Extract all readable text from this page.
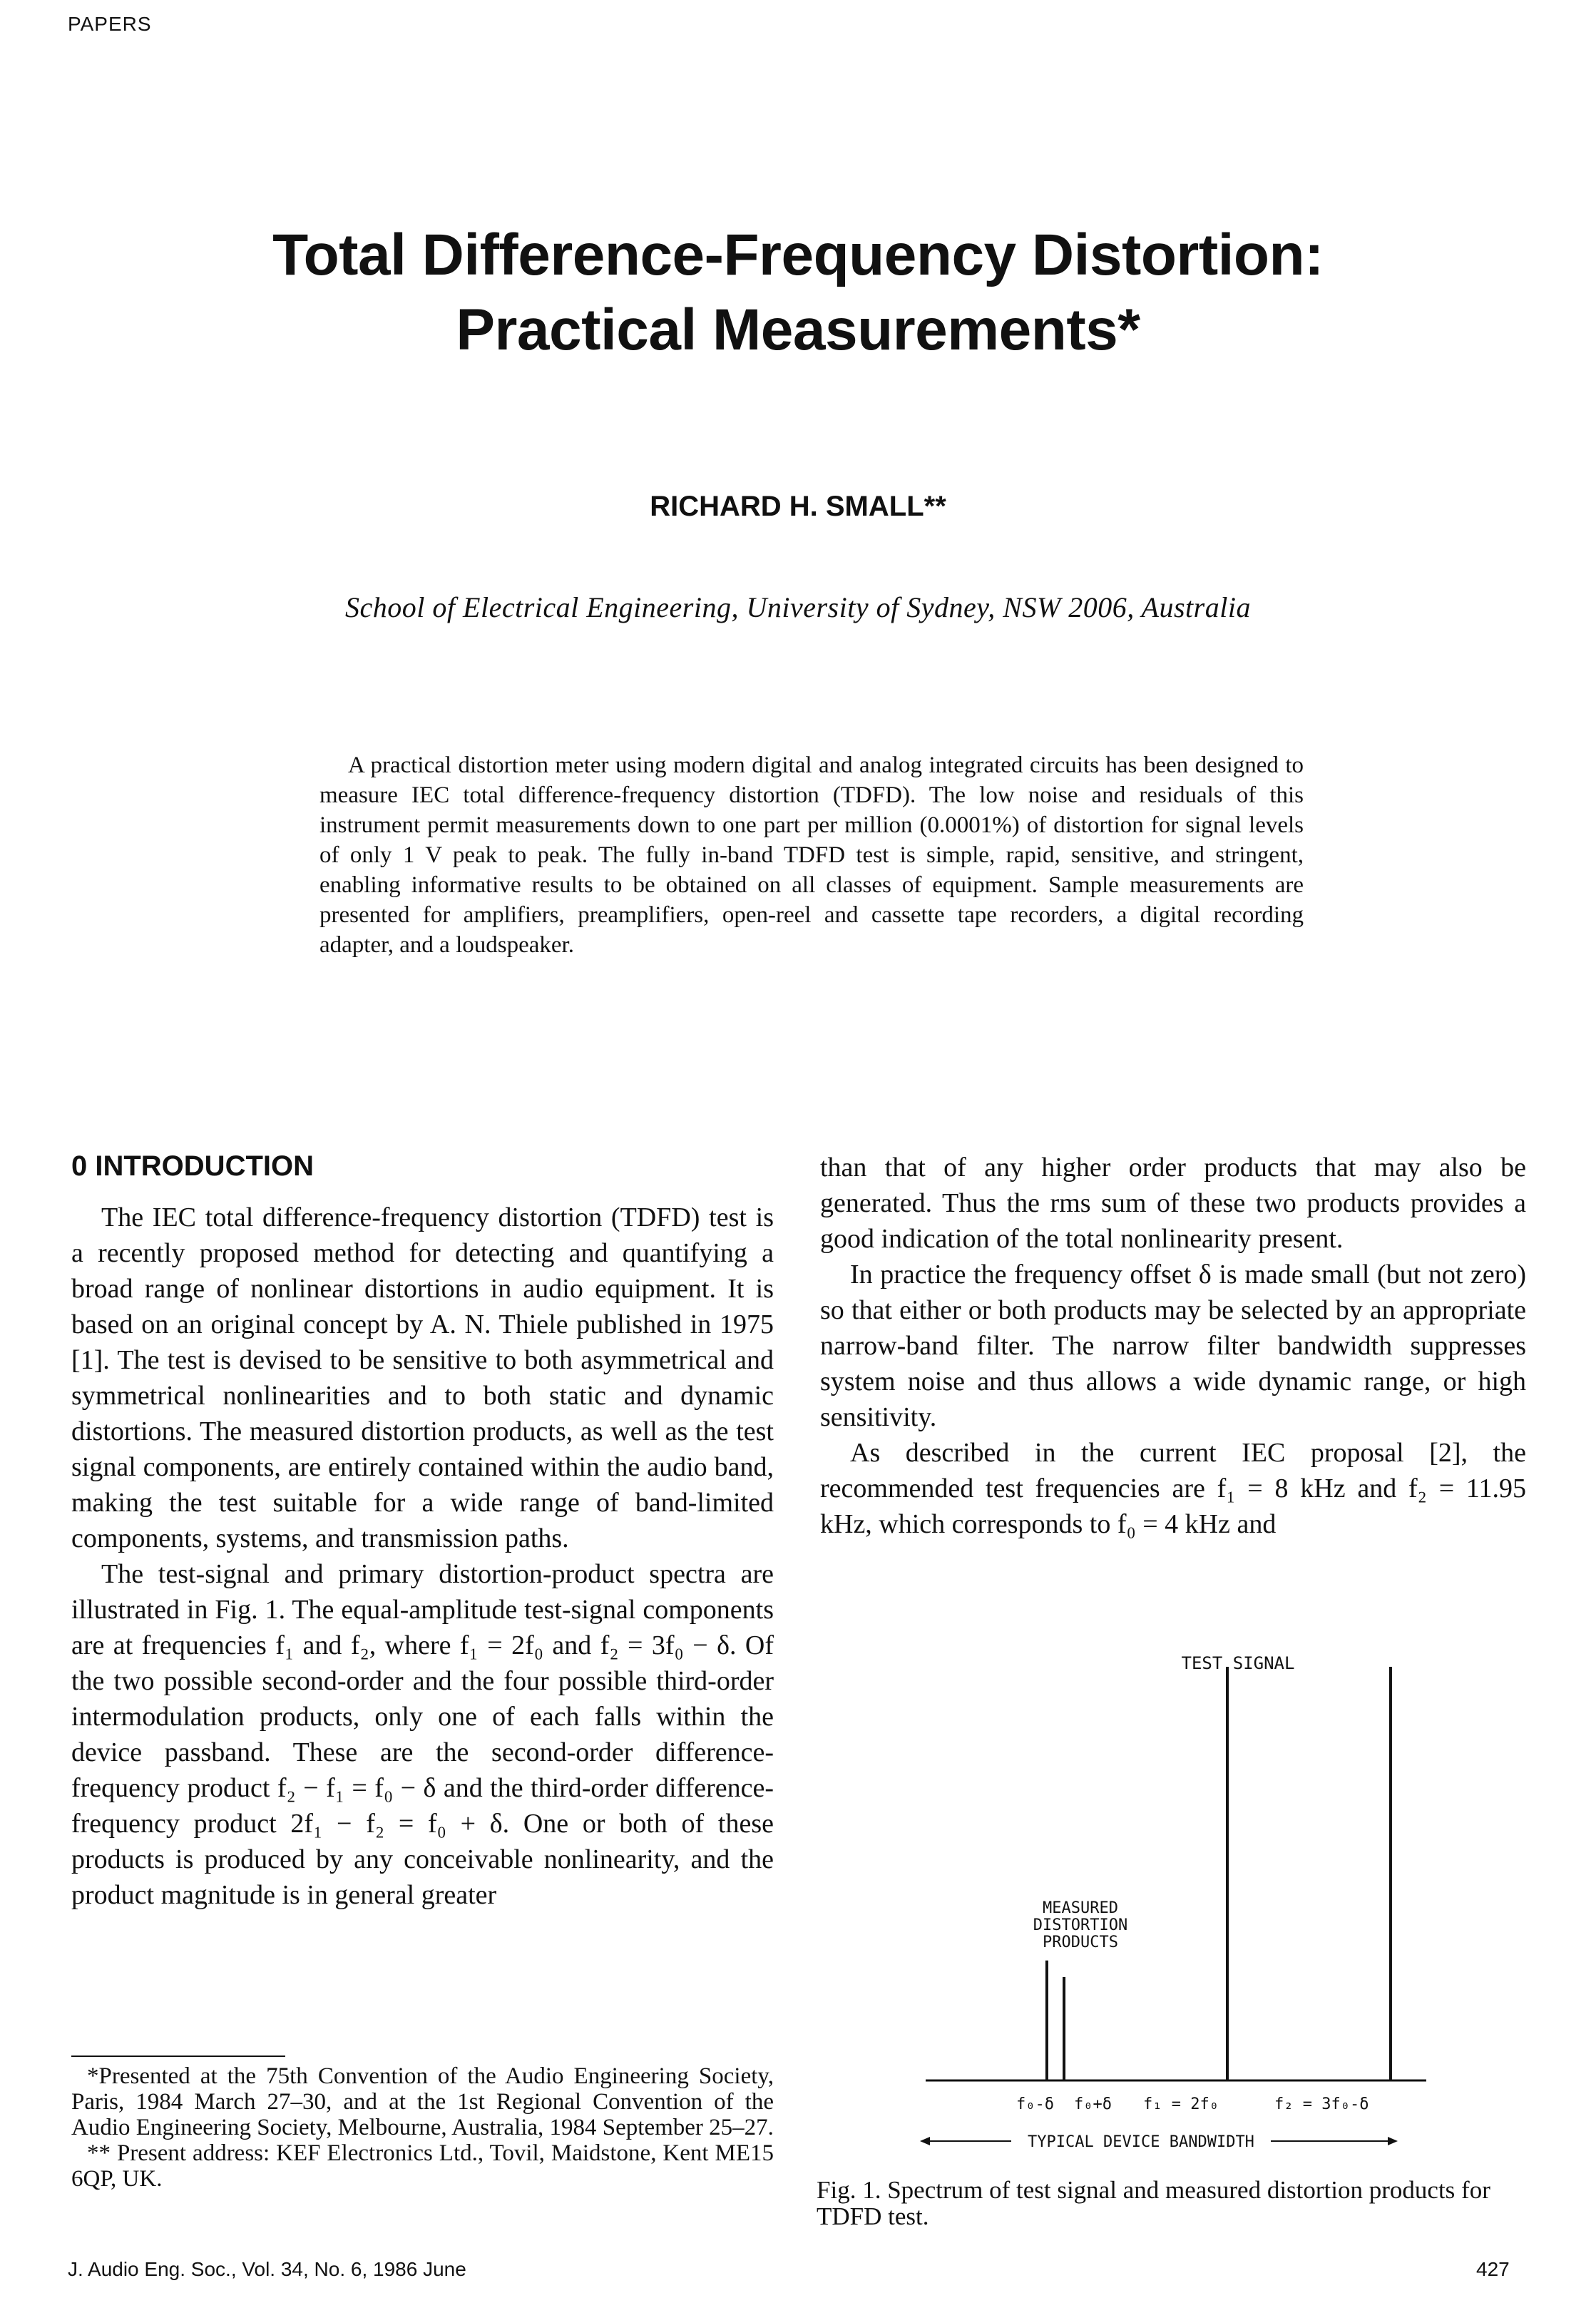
PAPERS
Total Difference-Frequency Distortion:
Practical Measurements*
RICHARD H. SMALL**
School of Electrical Engineering, University of Sydney, NSW 2006, Australia

A practical distortion meter using modern digital and analog integrated circuits has been designed to measure IEC total difference-frequency distortion (TDFD). The low noise and residuals of this instrument permit measurements down to one part per million (0.0001%) of distortion for signal levels of only 1 V peak to peak. The fully in-band TDFD test is simple, rapid, sensitive, and stringent, enabling informative results to be obtained on all classes of equipment. Sample measurements are presented for amplifiers, preamplifiers, open-reel and cassette tape recorders, a digital recording adapter, and a loudspeaker.

0 INTRODUCTION

The IEC total difference-frequency distortion (TDFD) test is a recently proposed method for detecting and quantifying a broad range of nonlinear distortions in audio equipment. It is based on an original concept by A. N. Thiele published in 1975 [1]. The test is devised to be sensitive to both asymmetrical and symmetrical nonlinearities and to both static and dynamic distortions. The measured distortion products, as well as the test signal components, are entirely contained within the audio band, making the test suitable for a wide range of band-limited components, systems, and transmission paths.

The test-signal and primary distortion-product spectra are illustrated in Fig. 1. The equal-amplitude test-signal components are at frequencies f₁ and f₂, where f₁ = 2f₀ and f₂ = 3f₀ − δ. Of the two possible second-order and the four possible third-order intermodulation products, only one of each falls within the device passband. These are the second-order difference-frequency product f₂ − f₁ = f₀ − δ and the third-order difference-frequency product 2f₁ − f₂ = f₀ + δ. One or both of these products is produced by any conceivable nonlinearity, and the product magnitude is in general greater

*Presented at the 75th Convention of the Audio Engineering Society, Paris, 1984 March 27–30, and at the 1st Regional Convention of the Audio Engineering Society, Melbourne, Australia, 1984 September 25–27.

** Present address: KEF Electronics Ltd., Tovil, Maidstone, Kent ME15 6QP, UK.

than that of any higher order products that may also be generated. Thus the rms sum of these two products provides a good indication of the total nonlinearity present.

In practice the frequency offset δ is made small (but not zero) so that either or both products may be selected by an appropriate narrow-band filter. The narrow filter bandwidth suppresses system noise and thus allows a wide dynamic range, or high sensitivity.

As described in the current IEC proposal [2], the recommended test frequencies are f₁ = 8 kHz and f₂ = 11.95 kHz, which corresponds to f₀ = 4 kHz and

TEST SIGNAL
MEASURED
DISTORTION
PRODUCTS
f₀-δ f₀+δ f₁ = 2f₀	f₂ = 3f₀-δ
TYPICAL DEVICE BANDWIDTH
Fig. 1. Spectrum of test signal and measured distortion products for TDFD test.
J. Audio Eng. Soc., Vol. 34, No. 6, 1986 June	427
